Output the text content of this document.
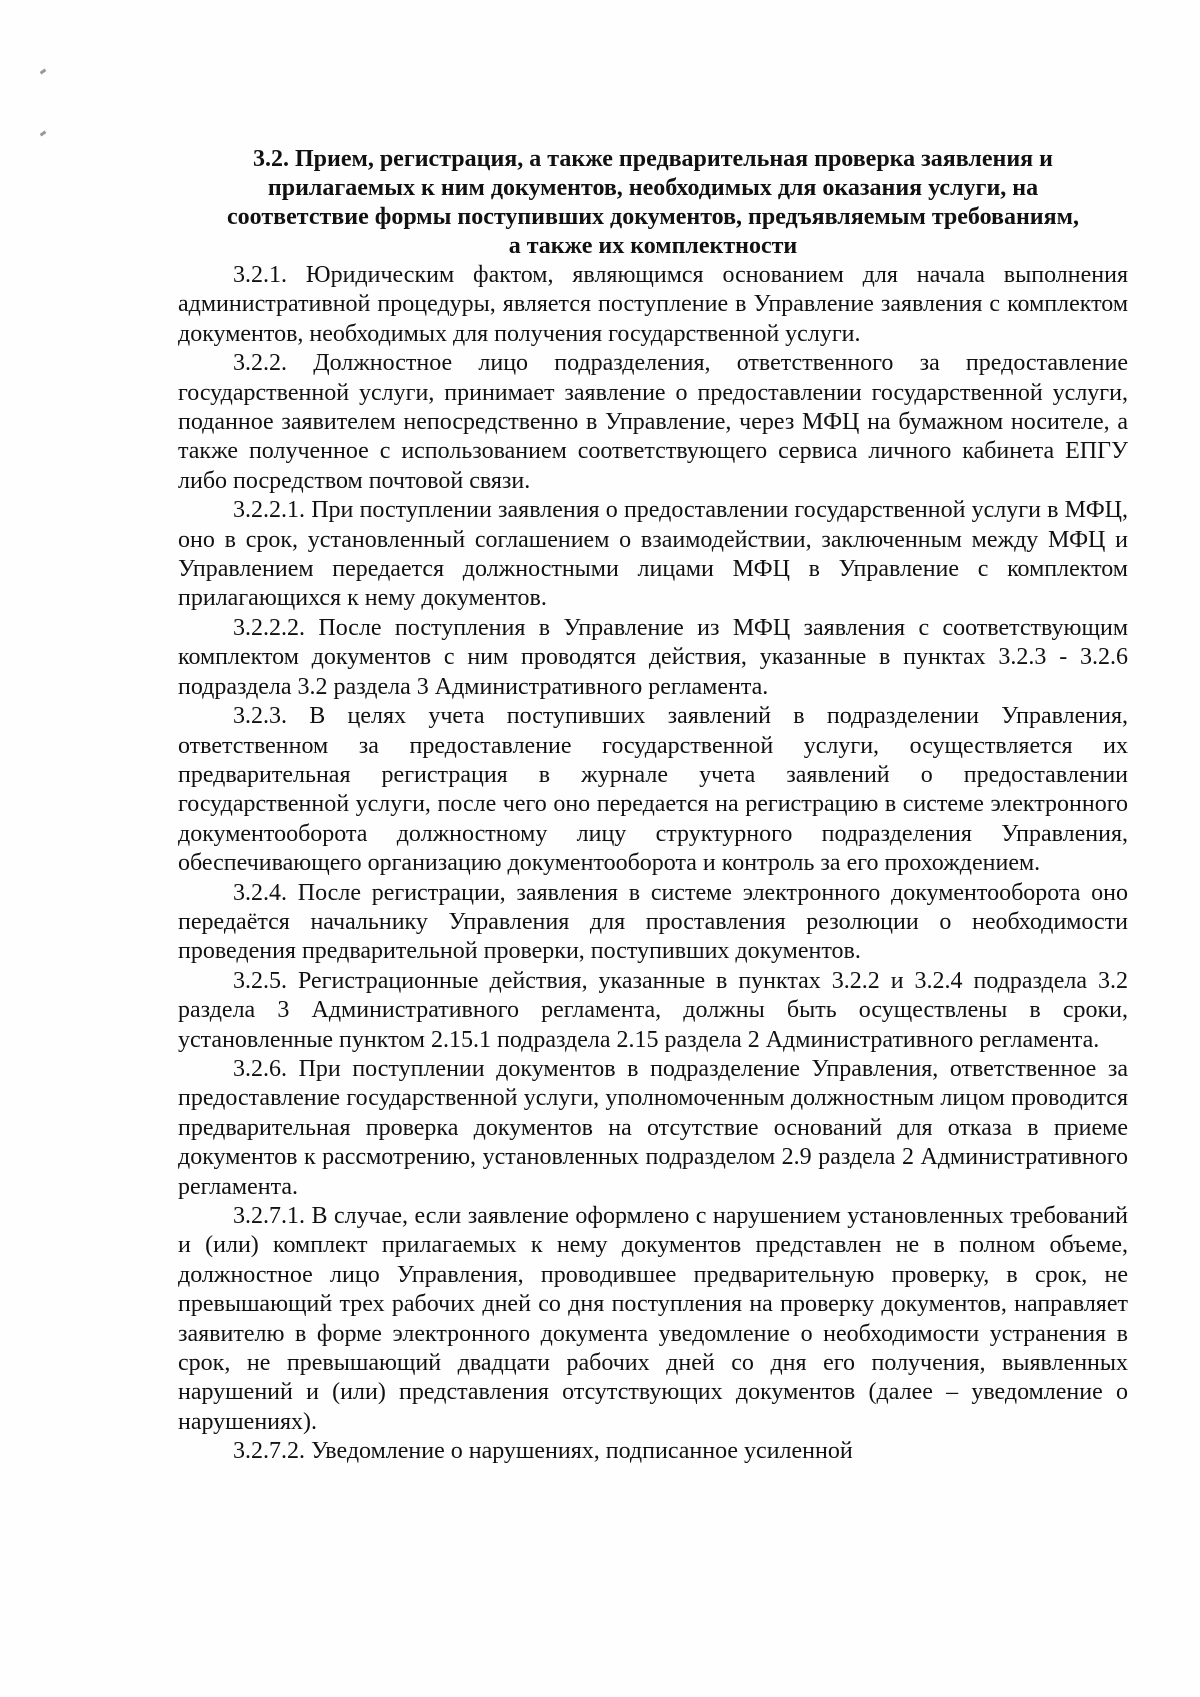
3.2. Прием, регистрация, а также предварительная проверка заявления и
прилагаемых к ним документов, необходимых для оказания услуги, на
соответствие формы поступивших документов, предъявляемым требованиям,
а также их комплектности

3.2.1. Юридическим фактом, являющимся основанием для начала выполнения административной процедуры, является поступление в Управление заявления с комплектом документов, необходимых для получения государственной услуги.

3.2.2. Должностное лицо подразделения, ответственного за предоставление государственной услуги, принимает заявление о предоставлении государственной услуги, поданное заявителем непосредственно в Управление, через МФЦ на бумажном носителе, а также полученное с использованием соответствующего сервиса личного кабинета ЕПГУ либо посредством почтовой связи.

3.2.2.1. При поступлении заявления о предоставлении государственной услуги в МФЦ, оно в срок, установленный соглашением о взаимодействии, заключенным между МФЦ и Управлением передается должностными лицами МФЦ в Управление с комплектом прилагающихся к нему документов.

3.2.2.2. После поступления в Управление из МФЦ заявления с соответствующим комплектом документов с ним проводятся действия, указанные в пунктах 3.2.3 - 3.2.6 подраздела 3.2 раздела 3 Административного регламента.

3.2.3. В целях учета поступивших заявлений в подразделении Управления, ответственном за предоставление государственной услуги, осуществляется их предварительная регистрация в журнале учета заявлений о предоставлении государственной услуги, после чего оно передается на регистрацию в системе электронного документооборота должностному лицу структурного подразделения Управления, обеспечивающего организацию документооборота и контроль за его прохождением.

3.2.4. После регистрации, заявления в системе электронного документооборота оно передаётся начальнику Управления для проставления резолюции о необходимости проведения предварительной проверки, поступивших документов.

3.2.5. Регистрационные действия, указанные в пунктах 3.2.2 и 3.2.4 подраздела 3.2 раздела 3 Административного регламента, должны быть осуществлены в сроки, установленные пунктом 2.15.1 подраздела 2.15 раздела 2 Административного регламента.

3.2.6. При поступлении документов в подразделение Управления, ответственное за предоставление государственной услуги, уполномоченным должностным лицом проводится предварительная проверка документов на отсутствие оснований для отказа в приеме документов к рассмотрению, установленных подразделом 2.9 раздела 2 Административного регламента.

3.2.7.1. В случае, если заявление оформлено с нарушением установленных требований и (или) комплект прилагаемых к нему документов представлен не в полном объеме, должностное лицо Управления, проводившее предварительную проверку, в срок, не превышающий трех рабочих дней со дня поступления на проверку документов, направляет заявителю в форме электронного документа уведомление о необходимости устранения в срок, не превышающий двадцати рабочих дней со дня его получения, выявленных нарушений и (или) представления отсутствующих документов (далее – уведомление о нарушениях).

3.2.7.2. Уведомление о нарушениях, подписанное усиленной
